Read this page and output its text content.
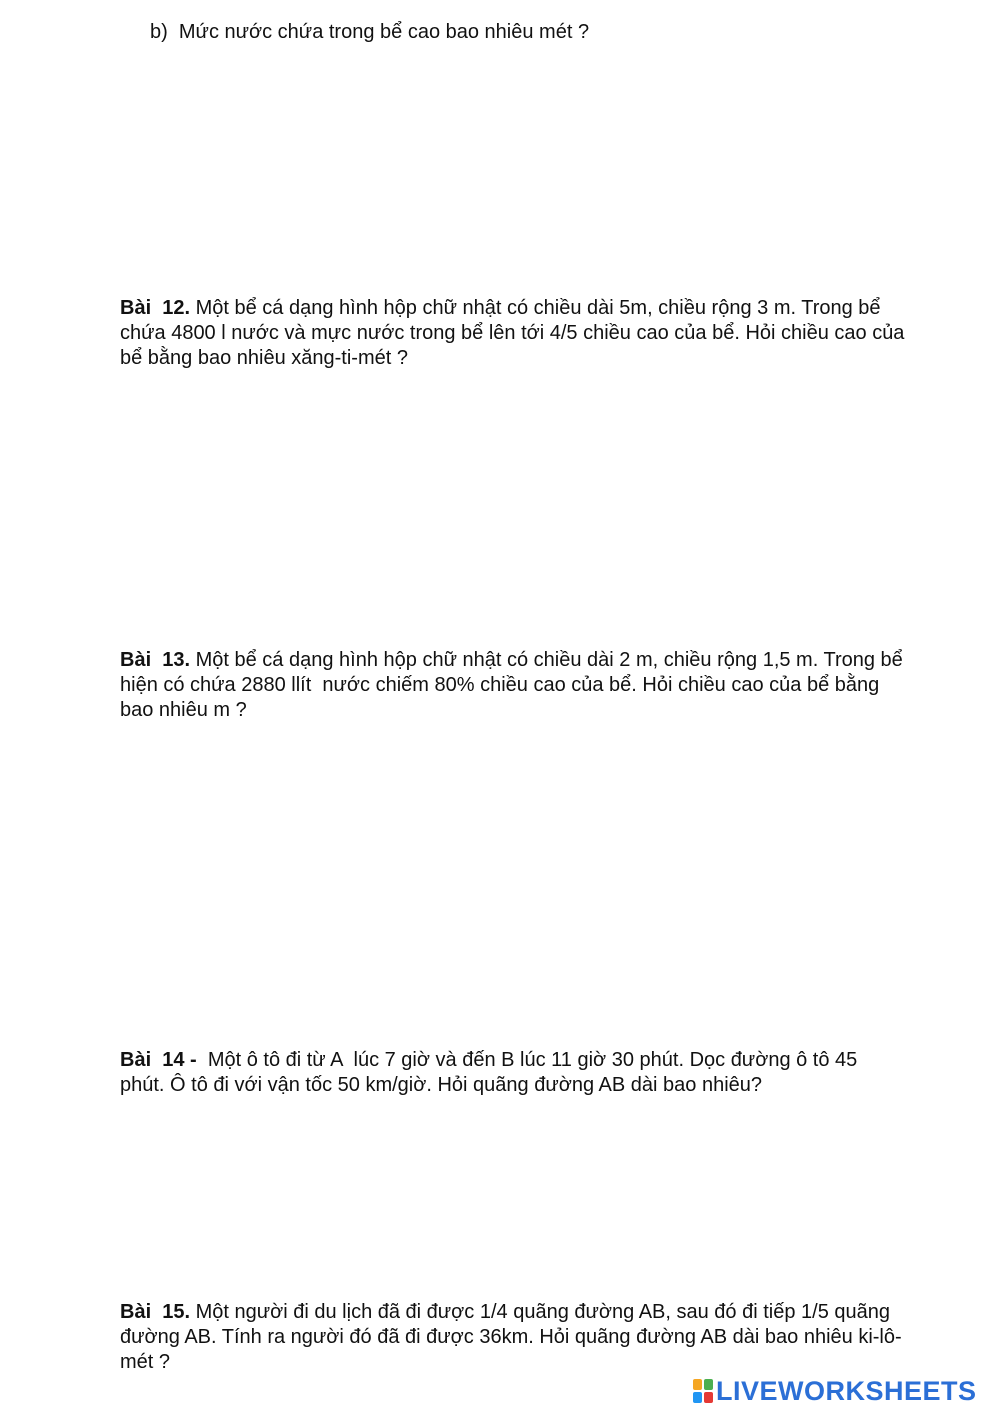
b)  Mức nước chứa trong bể cao bao nhiêu mét ?
Bài  12. Một bể cá dạng hình hộp chữ nhật có chiều dài 5m, chiều rộng 3 m. Trong bể
chứa 4800 l nước và mực nước trong bể lên tới 4/5 chiều cao của bể. Hỏi chiều cao của
bể bằng bao nhiêu xăng-ti-mét ?
Bài  13. Một bể cá dạng hình hộp chữ nhật có chiều dài 2 m, chiều rộng 1,5 m. Trong bể
hiện có chứa 2880 llít  nước chiếm 80% chiều cao của bể. Hỏi chiều cao của bể bằng
bao nhiêu m ?
Bài  14 -  Một ô tô đi từ A  lúc 7 giờ và đến B lúc 11 giờ 30 phút. Dọc đường ô tô 45
phút. Ô tô đi với vận tốc 50 km/giờ. Hỏi quãng đường AB dài bao nhiêu?
Bài  15. Một người đi du lịch đã đi được 1/4 quãng đường AB, sau đó đi tiếp 1/5 quãng
đường AB. Tính ra người đó đã đi được 36km. Hỏi quãng đường AB dài bao nhiêu ki-lô-
mét ?
LIVEWORKSHEETS
